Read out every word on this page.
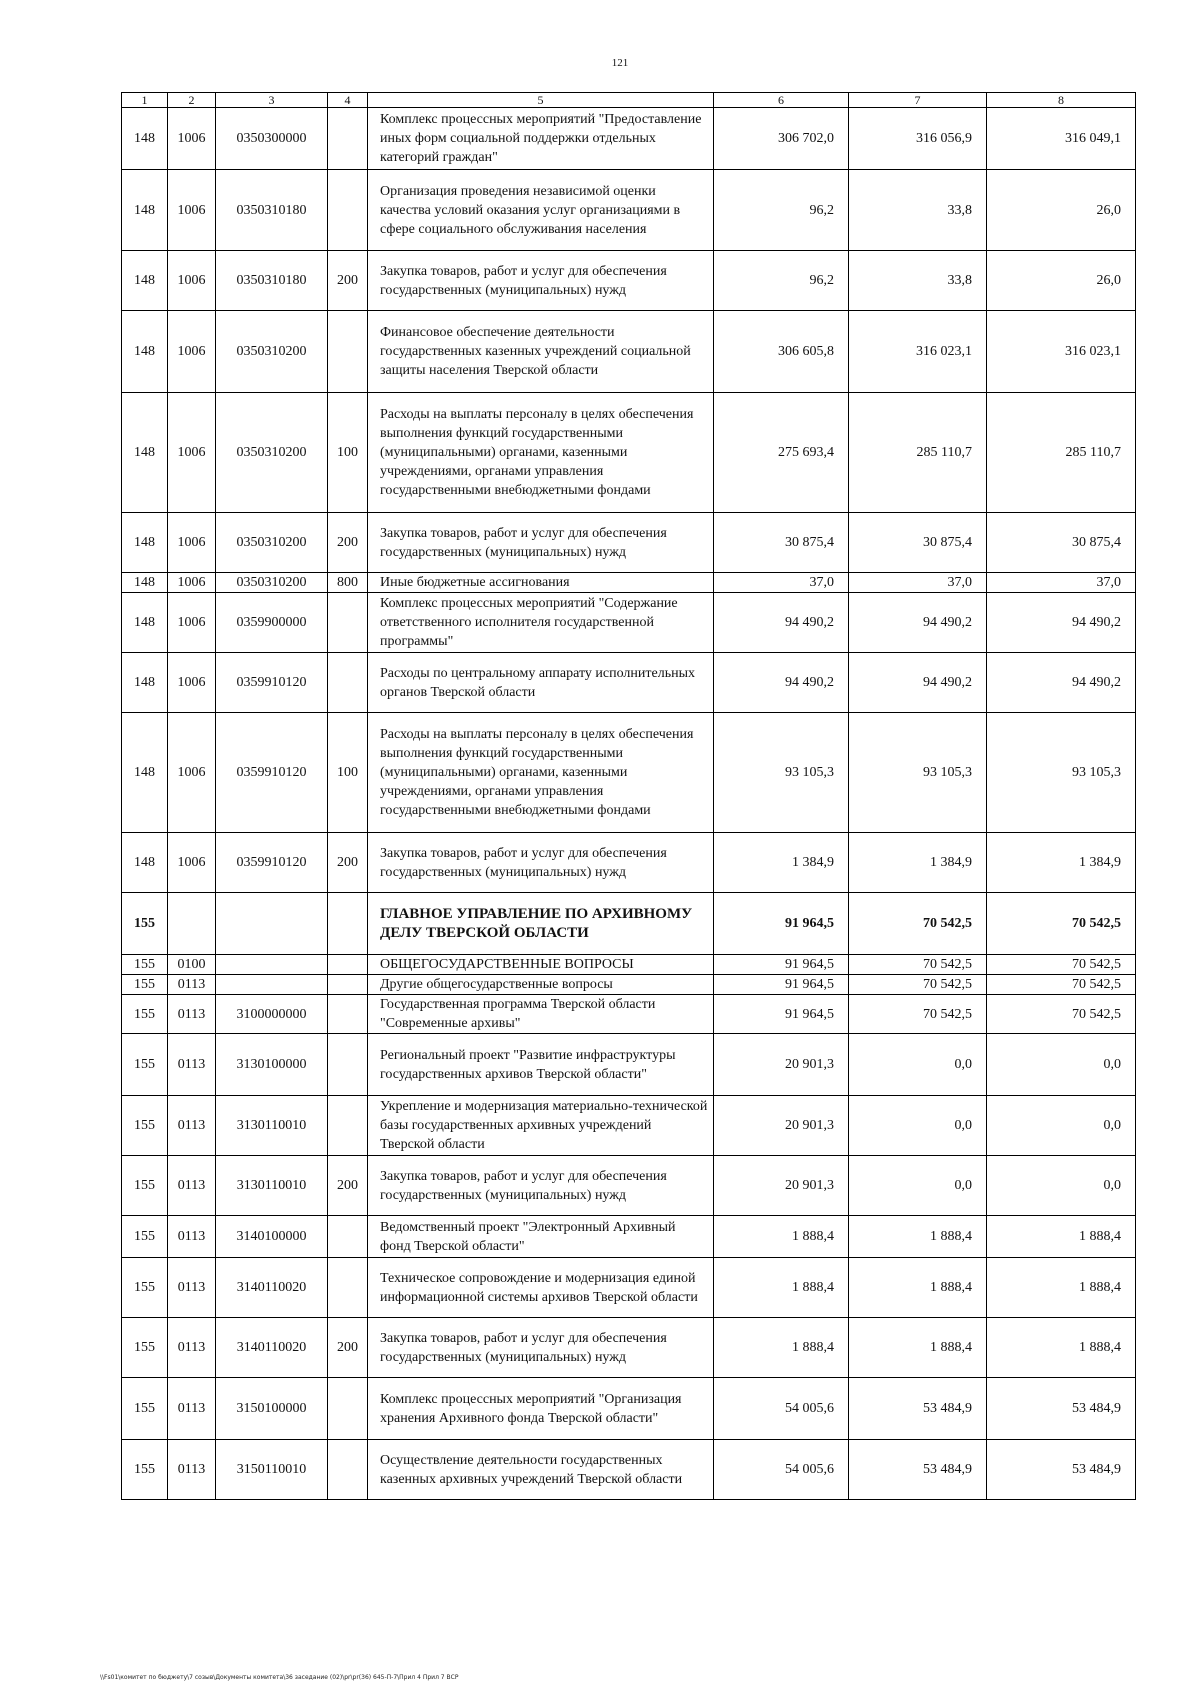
121
1	2	3	4	5	6	7	8
148	1006	0350300000		Комплекс процессных мероприятий "Предоставление иных форм социальной поддержки отдельных категорий граждан"	306 702,0	316 056,9	316 049,1
148	1006	0350310180		Организация проведения независимой оценки качества условий оказания услуг организациями в сфере социального обслуживания населения	96,2	33,8	26,0
148	1006	0350310180	200	Закупка товаров, работ и услуг для обеспечения государственных (муниципальных) нужд	96,2	33,8	26,0
148	1006	0350310200		Финансовое обеспечение деятельности государственных казенных учреждений социальной защиты населения Тверской области	306 605,8	316 023,1	316 023,1
148	1006	0350310200	100	Расходы на выплаты персоналу в целях обеспечения выполнения функций государственными (муниципальными) органами, казенными учреждениями, органами управления государственными внебюджетными фондами	275 693,4	285 110,7	285 110,7
148	1006	0350310200	200	Закупка товаров, работ и услуг для обеспечения государственных (муниципальных) нужд	30 875,4	30 875,4	30 875,4
148	1006	0350310200	800	Иные бюджетные ассигнования	37,0	37,0	37,0
148	1006	0359900000		Комплекс процессных мероприятий "Содержание ответственного исполнителя государственной программы"	94 490,2	94 490,2	94 490,2
148	1006	0359910120		Расходы по центральному аппарату исполнительных органов Тверской области	94 490,2	94 490,2	94 490,2
148	1006	0359910120	100	Расходы на выплаты персоналу в целях обеспечения выполнения функций государственными (муниципальными) органами, казенными учреждениями, органами управления государственными внебюджетными фондами	93 105,3	93 105,3	93 105,3
148	1006	0359910120	200	Закупка товаров, работ и услуг для обеспечения государственных (муниципальных) нужд	1 384,9	1 384,9	1 384,9
155				ГЛАВНОЕ УПРАВЛЕНИЕ ПО АРХИВНОМУ ДЕЛУ ТВЕРСКОЙ ОБЛАСТИ	91 964,5	70 542,5	70 542,5
155	0100			ОБЩЕГОСУДАРСТВЕННЫЕ ВОПРОСЫ	91 964,5	70 542,5	70 542,5
155	0113			Другие общегосударственные вопросы	91 964,5	70 542,5	70 542,5
155	0113	3100000000		Государственная программа Тверской области "Современные архивы"	91 964,5	70 542,5	70 542,5
155	0113	3130100000		Региональный проект "Развитие инфраструктуры государственных архивов Тверской области"	20 901,3	0,0	0,0
155	0113	3130110010		Укрепление и модернизация материально-технической базы государственных архивных учреждений Тверской области	20 901,3	0,0	0,0
155	0113	3130110010	200	Закупка товаров, работ и услуг для обеспечения государственных (муниципальных) нужд	20 901,3	0,0	0,0
155	0113	3140100000		Ведомственный проект "Электронный Архивный фонд Тверской области"	1 888,4	1 888,4	1 888,4
155	0113	3140110020		Техническое сопровождение и модернизация единой информационной системы архивов Тверской области	1 888,4	1 888,4	1 888,4
155	0113	3140110020	200	Закупка товаров, работ и услуг для обеспечения государственных (муниципальных) нужд	1 888,4	1 888,4	1 888,4
155	0113	3150100000		Комплекс процессных мероприятий "Организация хранения Архивного фонда Тверской области"	54 005,6	53 484,9	53 484,9
155	0113	3150110010		Осуществление деятельности государственных казенных архивных учреждений Тверской области	54 005,6	53 484,9	53 484,9
\\Fs01\комитет по бюджету\7 созыв\Документы комитета\36 заседание (02)\pr\pr(36) 645-П-7\Прил 4 Прил 7 ВСР
